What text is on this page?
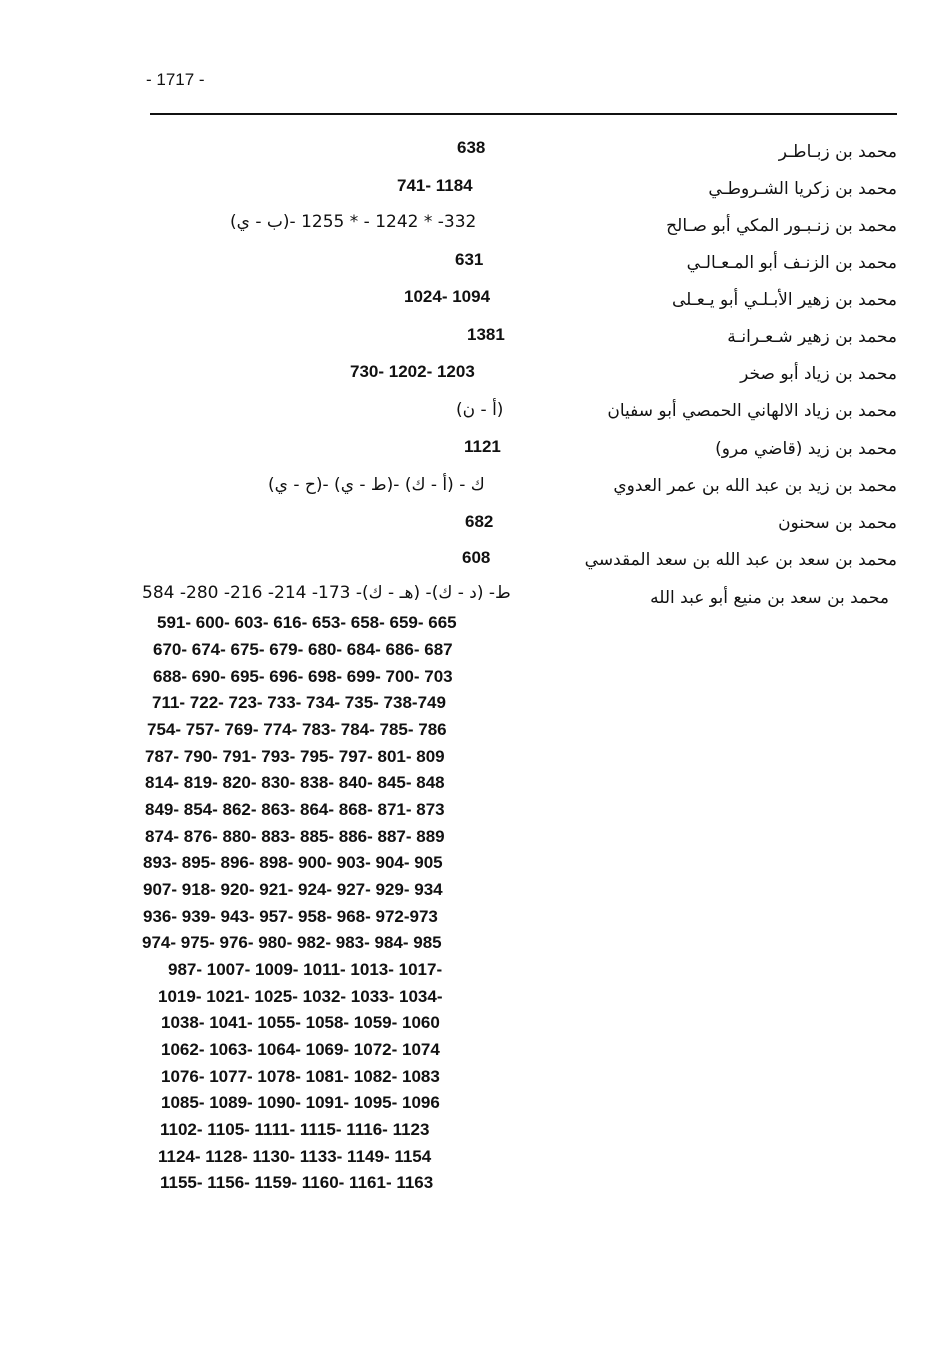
- 1717 -
محمد بن زبـاطـر
محمد بن زكريا الشـروطـي
محمد بن زنـبـور المكي أبو صـالح
محمد بن الزنـف أبو المـعـالـي
محمد بن زهير الأبـلـي أبو يـعـلى
محمد بن زهير شـعـرانـة
محمد بن زياد أبو صخر
محمد بن زياد الالهاني الحمصي أبو سفيان
محمد بن زيد (قاضي مرو)
محمد بن زيد بن عبد الله بن عمر العدوي
محمد بن سحنون
محمد بن سعد بن عبد الله بن سعد المقدسي
محمد بن سعد بن منيع أبو عبد الله
638
741- 1184
(ب - ي)- 332- * 1242 - * 1255
631
1024- 1094
1381
730- 1202- 1203
(أ - ن)
1121
(ح - ي)- (ط - ي)- ك - (أ - ك)
682
608
ط- (د - ك)- (هـ - ك)- 173- 214- 216- 280- 584
591- 600- 603- 616- 653- 658- 659- 665
670- 674- 675- 679- 680- 684- 686- 687
688- 690- 695- 696- 698- 699- 700- 703
711- 722- 723- 733- 734- 735- 738-749
754- 757- 769- 774- 783- 784- 785- 786
787- 790- 791- 793- 795- 797- 801- 809
814- 819- 820- 830- 838- 840- 845- 848
849- 854- 862- 863- 864- 868- 871- 873
874- 876- 880- 883- 885- 886- 887- 889
893- 895- 896- 898- 900- 903- 904- 905
907- 918- 920- 921- 924- 927- 929- 934
936- 939- 943- 957- 958- 968- 972-973
974- 975- 976- 980- 982- 983- 984- 985
987- 1007- 1009- 1011- 1013- 1017-
1019- 1021- 1025- 1032- 1033- 1034-
1038- 1041- 1055- 1058- 1059- 1060
1062- 1063- 1064- 1069- 1072- 1074
1076- 1077- 1078- 1081- 1082- 1083
1085- 1089- 1090- 1091- 1095- 1096
1102- 1105- 1111- 1115- 1116- 1123
1124- 1128- 1130- 1133- 1149- 1154
1155- 1156- 1159- 1160- 1161- 1163
